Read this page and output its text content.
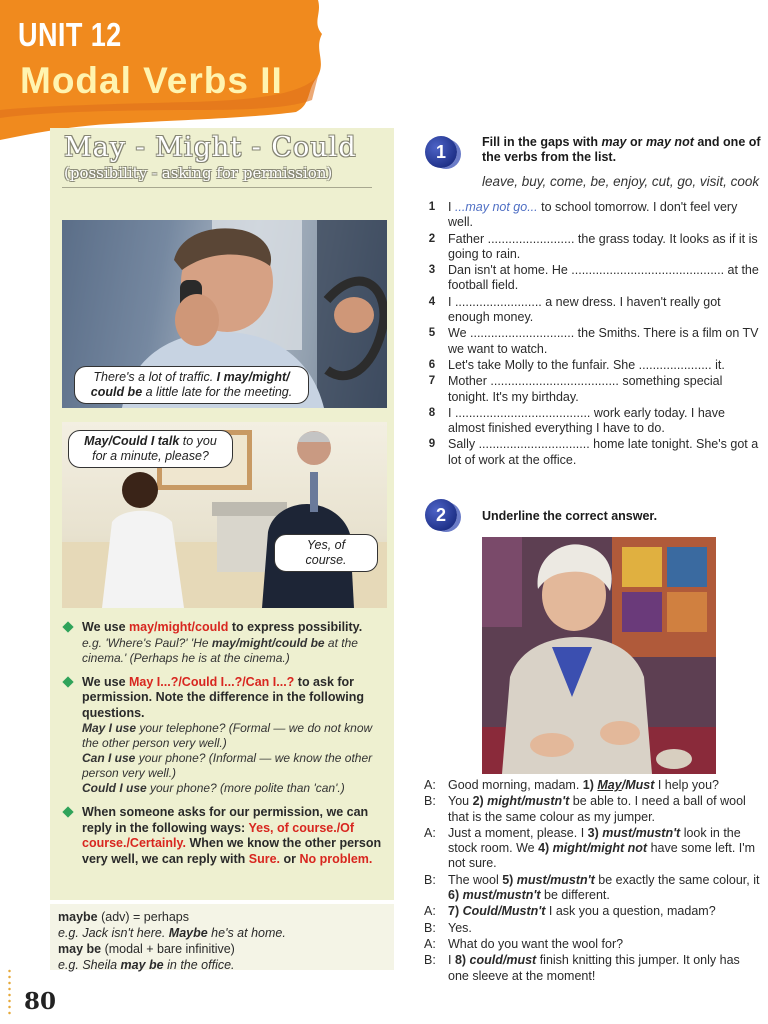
UNIT 12
Modal Verbs II
May - Might - Could
(possibility - asking for permission)
There's a lot of traffic. I may/might/ could be a little late for the meeting.
May/Could I talk to you for a minute, please?
Yes, of course.
We use may/might/could to express possibility.
e.g. 'Where's Paul?' 'He may/might/could be at the cinema.' (Perhaps he is at the cinema.)
We use May I...?/Could I...?/Can I...? to ask for permission. Note the difference in the following questions.
May I use your telephone? (Formal — we do not know the other person very well.)
Can I use your phone? (Informal — we know the other person very well.)
Could I use your phone? (more polite than 'can'.)
When someone asks for our permission, we can reply in the following ways: Yes, of course./Of course./Certainly. When we know the other person very well, we can reply with Sure. or No problem.
maybe (adv) = perhaps
e.g. Jack isn't here. Maybe he's at home.
may be (modal + bare infinitive)
e.g. Sheila may be in the office.
80
1	Fill in the gaps with may or may not and one of the verbs from the list.
leave, buy, come, be, enjoy, cut, go, visit, cook
1	I ...may not go... to school tomorrow. I don't feel very well.
2	Father ......................... the grass today. It looks as if it is going to rain.
3	Dan isn't at home. He ............................................ at the football field.
4	I ......................... a new dress. I haven't really got enough money.
5	We .............................. the Smiths. There is a film on TV we want to watch.
6	Let's take Molly to the funfair. She ..................... it.
7	Mother ..................................... something special tonight. It's my birthday.
8	I ....................................... work early today. I have almost finished everything I have to do.
9	Sally ................................ home late tonight. She's got a lot of work at the office.
2	Underline the correct answer.
A: Good morning, madam. 1) May/Must I help you?
B: You 2) might/mustn't be able to. I need a ball of wool that is the same colour as my jumper.
A: Just a moment, please. I 3) must/mustn't look in the stock room. We 4) might/might not have some left. I'm not sure.
B: The wool 5) must/mustn't be exactly the same colour, it 6) must/mustn't be different.
A: 7) Could/Mustn't I ask you a question, madam?
B: Yes.
A: What do you want the wool for?
B: I 8) could/must finish knitting this jumper. It only has one sleeve at the moment!
